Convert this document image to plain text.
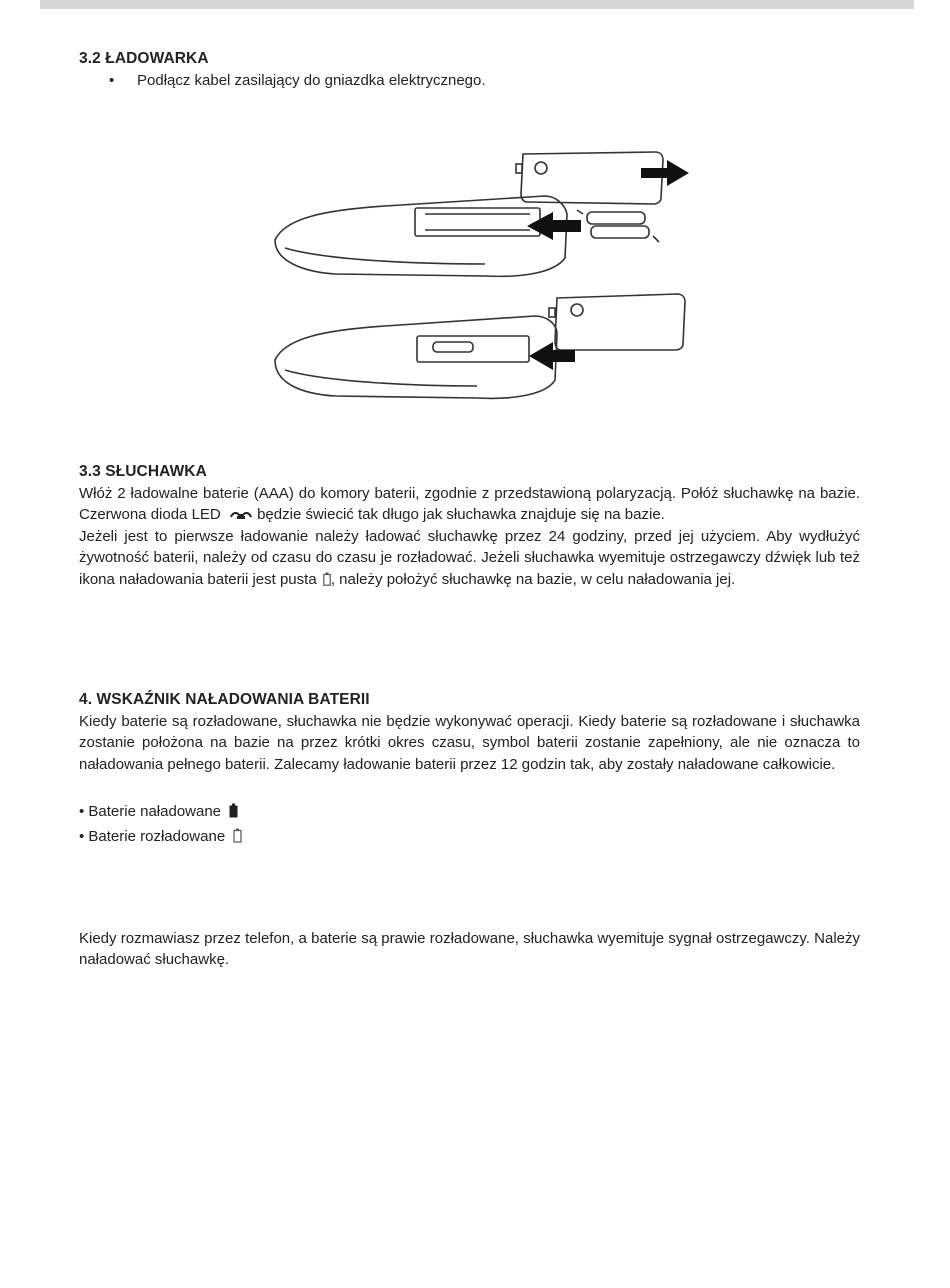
3.2 ŁADOWARKA

• Podłącz kabel zasilający do gniazdka elektrycznego.

3.3 SŁUCHAWKA

Włóż 2 ładowalne baterie (AAA) do komory baterii, zgodnie z przedstawioną polaryzacją. Połóż słuchawkę na bazie. Czerwona dioda LED będzie świecić tak długo jak słuchawka znajduje się na bazie.

Jeżeli jest to pierwsze ładowanie należy ładować słuchawkę przez 24 godziny, przed jej użyciem. Aby wydłużyć żywotność baterii, należy od czasu do czasu je rozładować. Jeżeli słuchawka wyemituje ostrzegawczy dźwięk lub też ikona naładowania baterii jest pusta , należy położyć słuchawkę na bazie, w celu naładowania jej.

4. WSKAŹNIK NAŁADOWANIA BATERII

Kiedy baterie są rozładowane, słuchawka nie będzie wykonywać operacji. Kiedy baterie są rozładowane i słuchawka zostanie położona na bazie na przez krótki okres czasu, symbol baterii zostanie zapełniony, ale nie oznacza to naładowania pełnego baterii. Zalecamy ładowanie baterii przez 12 godzin tak, aby zostały naładowane całkowicie.

• Baterie naładowane
• Baterie rozładowane

Kiedy rozmawiasz przez telefon, a baterie są prawie rozładowane, słuchawka wyemituje sygnał ostrzegawczy. Należy naładować słuchawkę.
